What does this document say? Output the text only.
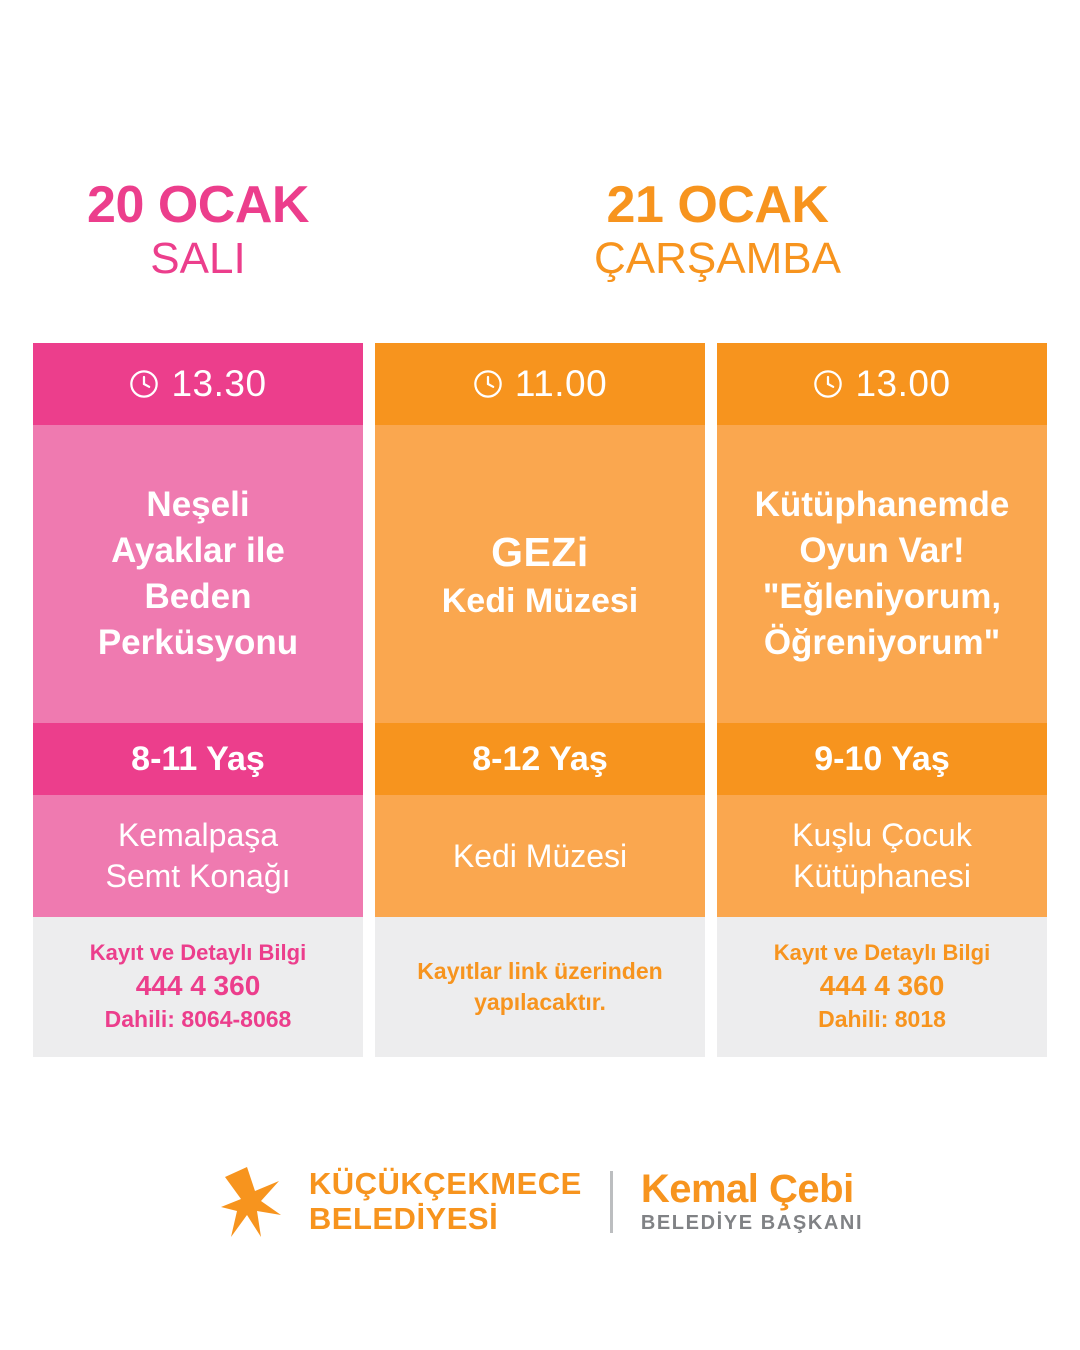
20 OCAK
SALI
21 OCAK
ÇARŞAMBA
13.30
Neşeli
Ayaklar ile
Beden
Perküsyonu
8-11 Yaş
Kemalpaşa
Semt Konağı
Kayıt ve Detaylı Bilgi
444 4 360
Dahili: 8064-8068
11.00
GEZi
Kedi Müzesi
8-12 Yaş
Kedi Müzesi
Kayıtlar link üzerinden yapılacaktır.
13.00
Kütüphanemde
Oyun Var!
"Eğleniyorum,
Öğreniyorum"
9-10 Yaş
Kuşlu Çocuk
Kütüphanesi
Kayıt ve Detaylı Bilgi
444 4 360
Dahili: 8018
KÜÇÜKÇEKMECE
BELEDİYESİ
Kemal Çebi
BELEDİYE BAŞKANI
